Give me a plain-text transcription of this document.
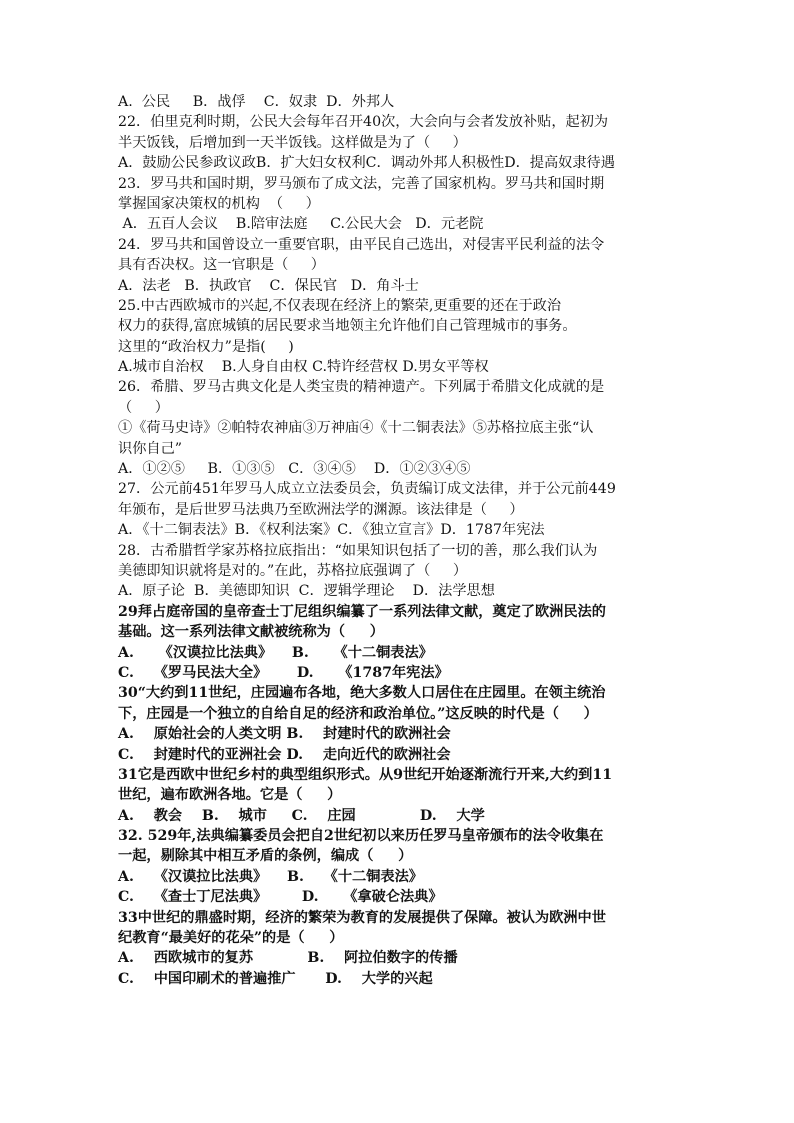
A.  公民     B．战俘    C．奴隶  D．外邦人
22．伯里克利时期，公民大会每年召开40次，大会向与会者发放补贴，起初为
半天饭钱，后增加到一天半饭钱。这样做是为了（     ）
A．鼓励公民参政议政B．扩大妇女权利C．调动外邦人积极性D．提高奴隶待遇
23．罗马共和国时期，罗马颁布了成文法，完善了国家机构。罗马共和国时期
掌握国家决策权的机构  （     ）
A．五百人会议    B.陪审法庭     C.公民大会   D．元老院
24．罗马共和国曾设立一重要官职，由平民自己选出，对侵害平民利益的法令
具有否决权。这一官职是（     ）
A．法老   B．执政官    C．保民官   D．角斗士
25.中古西欧城市的兴起,不仅表现在经济上的繁荣,更重要的还在于政治
权力的获得,富庶城镇的居民要求当地领主允许他们自己管理城市的事务。
这里的“政治权力”是指(     )
A.城市自治权    B.人身自由权 C.特许经营权 D.男女平等权
26．希腊、罗马古典文化是人类宝贵的精神遗产。下列属于希腊文化成就的是
（     ）
①《荷马史诗》②帕特农神庙③万神庙④《十二铜表法》⑤苏格拉底主张“认
识你自己”
A．①②⑤     B．①③⑤   C．③④⑤    D．①②③④⑤
27．公元前451年罗马人成立立法委员会，负责编订成文法律，并于公元前449
年颁布，是后世罗马法典乃至欧洲法学的渊源。该法律是（     ）
A．《十二铜表法》B．《权利法案》C．《独立宣言》D．1787年宪法
28．古希腊哲学家苏格拉底指出：“如果知识包括了一切的善，那么我们认为
美德即知识就将是对的。”在此，苏格拉底强调了（     ）
A．原子论  B．美德即知识  C．逻辑学理论    D．法学思想
29拜占庭帝国的皇帝查士丁尼组织编纂了一系列法律文献，奠定了欧洲民法的
基础。这一系列法律文献被统称为（     ）
A.     《汉谟拉比法典》    B.     《十二铜表法》
C.    《罗马民法大全》      D.     《1787年宪法》
30“大约到11世纪，庄园遍布各地，绝大多数人口居住在庄园里。在领主统治
下，庄园是一个独立的自给自足的经济和政治单位。”这反映的时代是（     ）
A.    原始社会的人类文明 B.    封建时代的欧洲社会
C.    封建时代的亚洲社会 D.    走向近代的欧洲社会
31它是西欧中世纪乡村的典型组织形式。从9世纪开始逐渐流行开来,大约到11
世纪，遍布欧洲各地。它是（     ）
A.    教会    B.    城市     C.    庄园             D.    大学
32. 529年,法典编纂委员会把自2世纪初以来历任罗马皇帝颁布的法令收集在
一起，剔除其中相互矛盾的条例，编成（     ）
A.    《汉谟拉比法典》    B.    《十二铜表法》
C.    《查士丁尼法典》       D.     《拿破仑法典》
33中世纪的鼎盛时期，经济的繁荣为教育的发展提供了保障。被认为欧洲中世
纪教育“最美好的花朵”的是（     ）
A.    西欧城市的复苏           B.    阿拉伯数字的传播
C.    中国印刷术的普遍推广      D.    大学的兴起
